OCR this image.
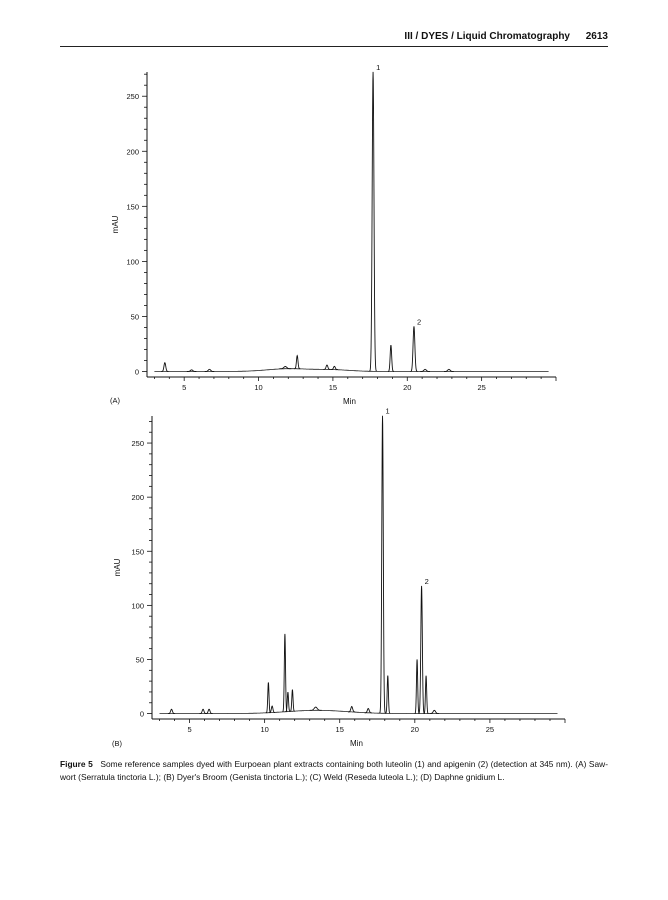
III / DYES / Liquid Chromatography 2613
0
50
100
150
200
250
5	10	15	20	25
Min
mAU
(A)
1
2
0
50
100
150
200
250
5	10	15	20	25
Min
mAU
(B)
1
2
Figure 5 Some reference samples dyed with Eurpoean plant extracts containing both luteolin (1) and apigenin (2) (detection at 345 nm). (A) Saw-wort (Serratula tinctoria L.); (B) Dyer's Broom (Genista tinctoria L.); (C) Weld (Reseda luteola L.); (D) Daphne gnidium L.
